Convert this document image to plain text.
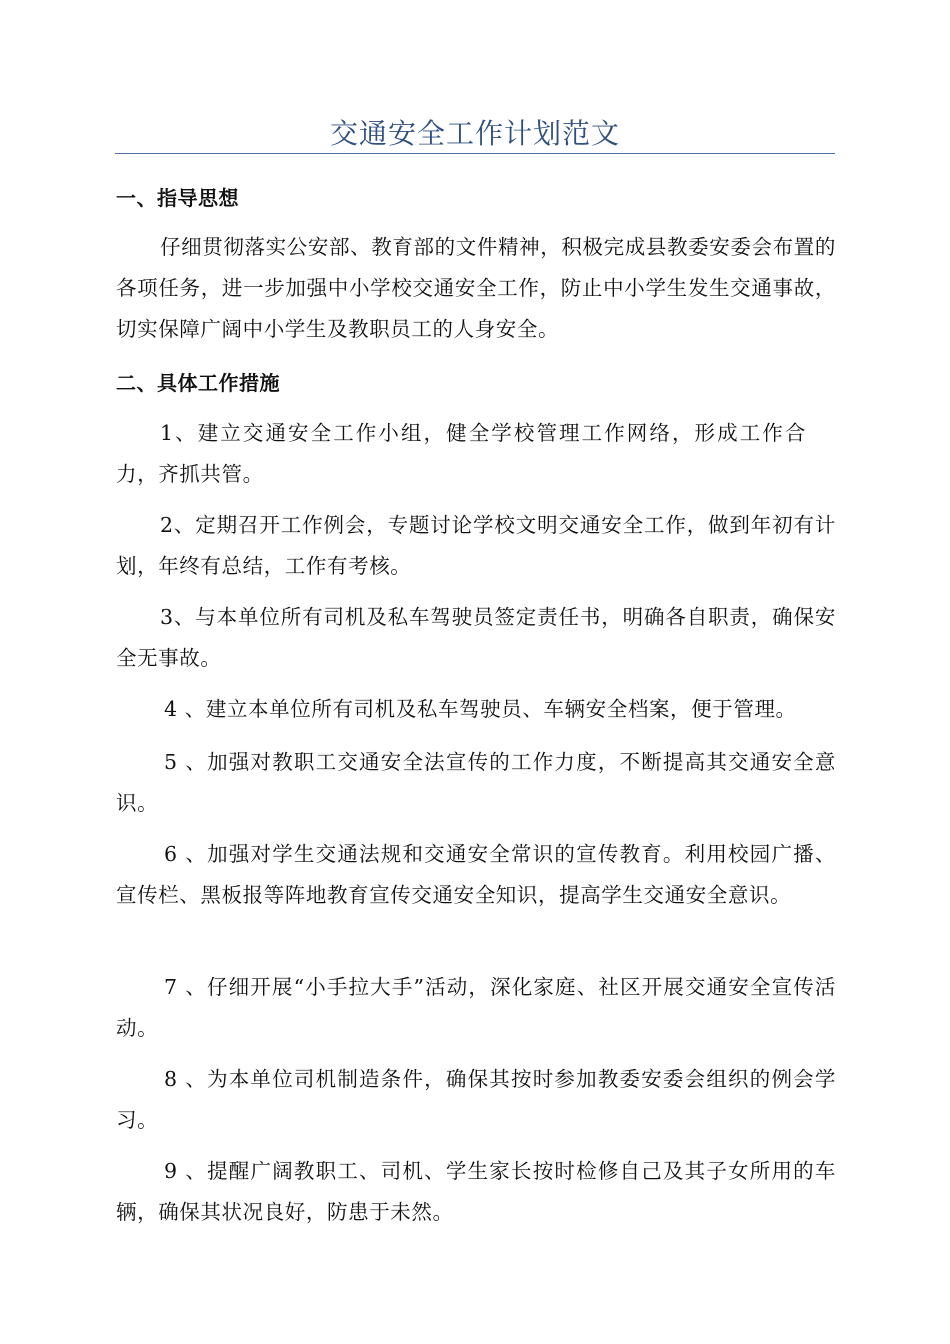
交通安全工作计划范文
一、指导思想

仔细贯彻落实公安部、教育部的文件精神，积极完成县教委安委会布置的各项任务，进一步加强中小学校交通安全工作，防止中小学生发生交通事故，切实保障广阔中小学生及教职员工的人身安全。

二、具体工作措施

1、建立交通安全工作小组，健全学校管理工作网络，形成工作合力，齐抓共管。

2、定期召开工作例会，专题讨论学校文明交通安全工作，做到年初有计划，年终有总结，工作有考核。

3、与本单位所有司机及私车驾驶员签定责任书，明确各自职责，确保安全无事故。

4 、建立本单位所有司机及私车驾驶员、车辆安全档案，便于管理。

5 、加强对教职工交通安全法宣传的工作力度，不断提高其交通安全意识。

6 、加强对学生交通法规和交通安全常识的宣传教育。利用校园广播、宣传栏、黑板报等阵地教育宣传交通安全知识，提高学生交通安全意识。

7 、仔细开展“小手拉大手”活动，深化家庭、社区开展交通安全宣传活动。

8 、为本单位司机制造条件，确保其按时参加教委安委会组织的例会学习。

9 、提醒广阔教职工、司机、学生家长按时检修自己及其子女所用的车辆，确保其状况良好，防患于未然。
